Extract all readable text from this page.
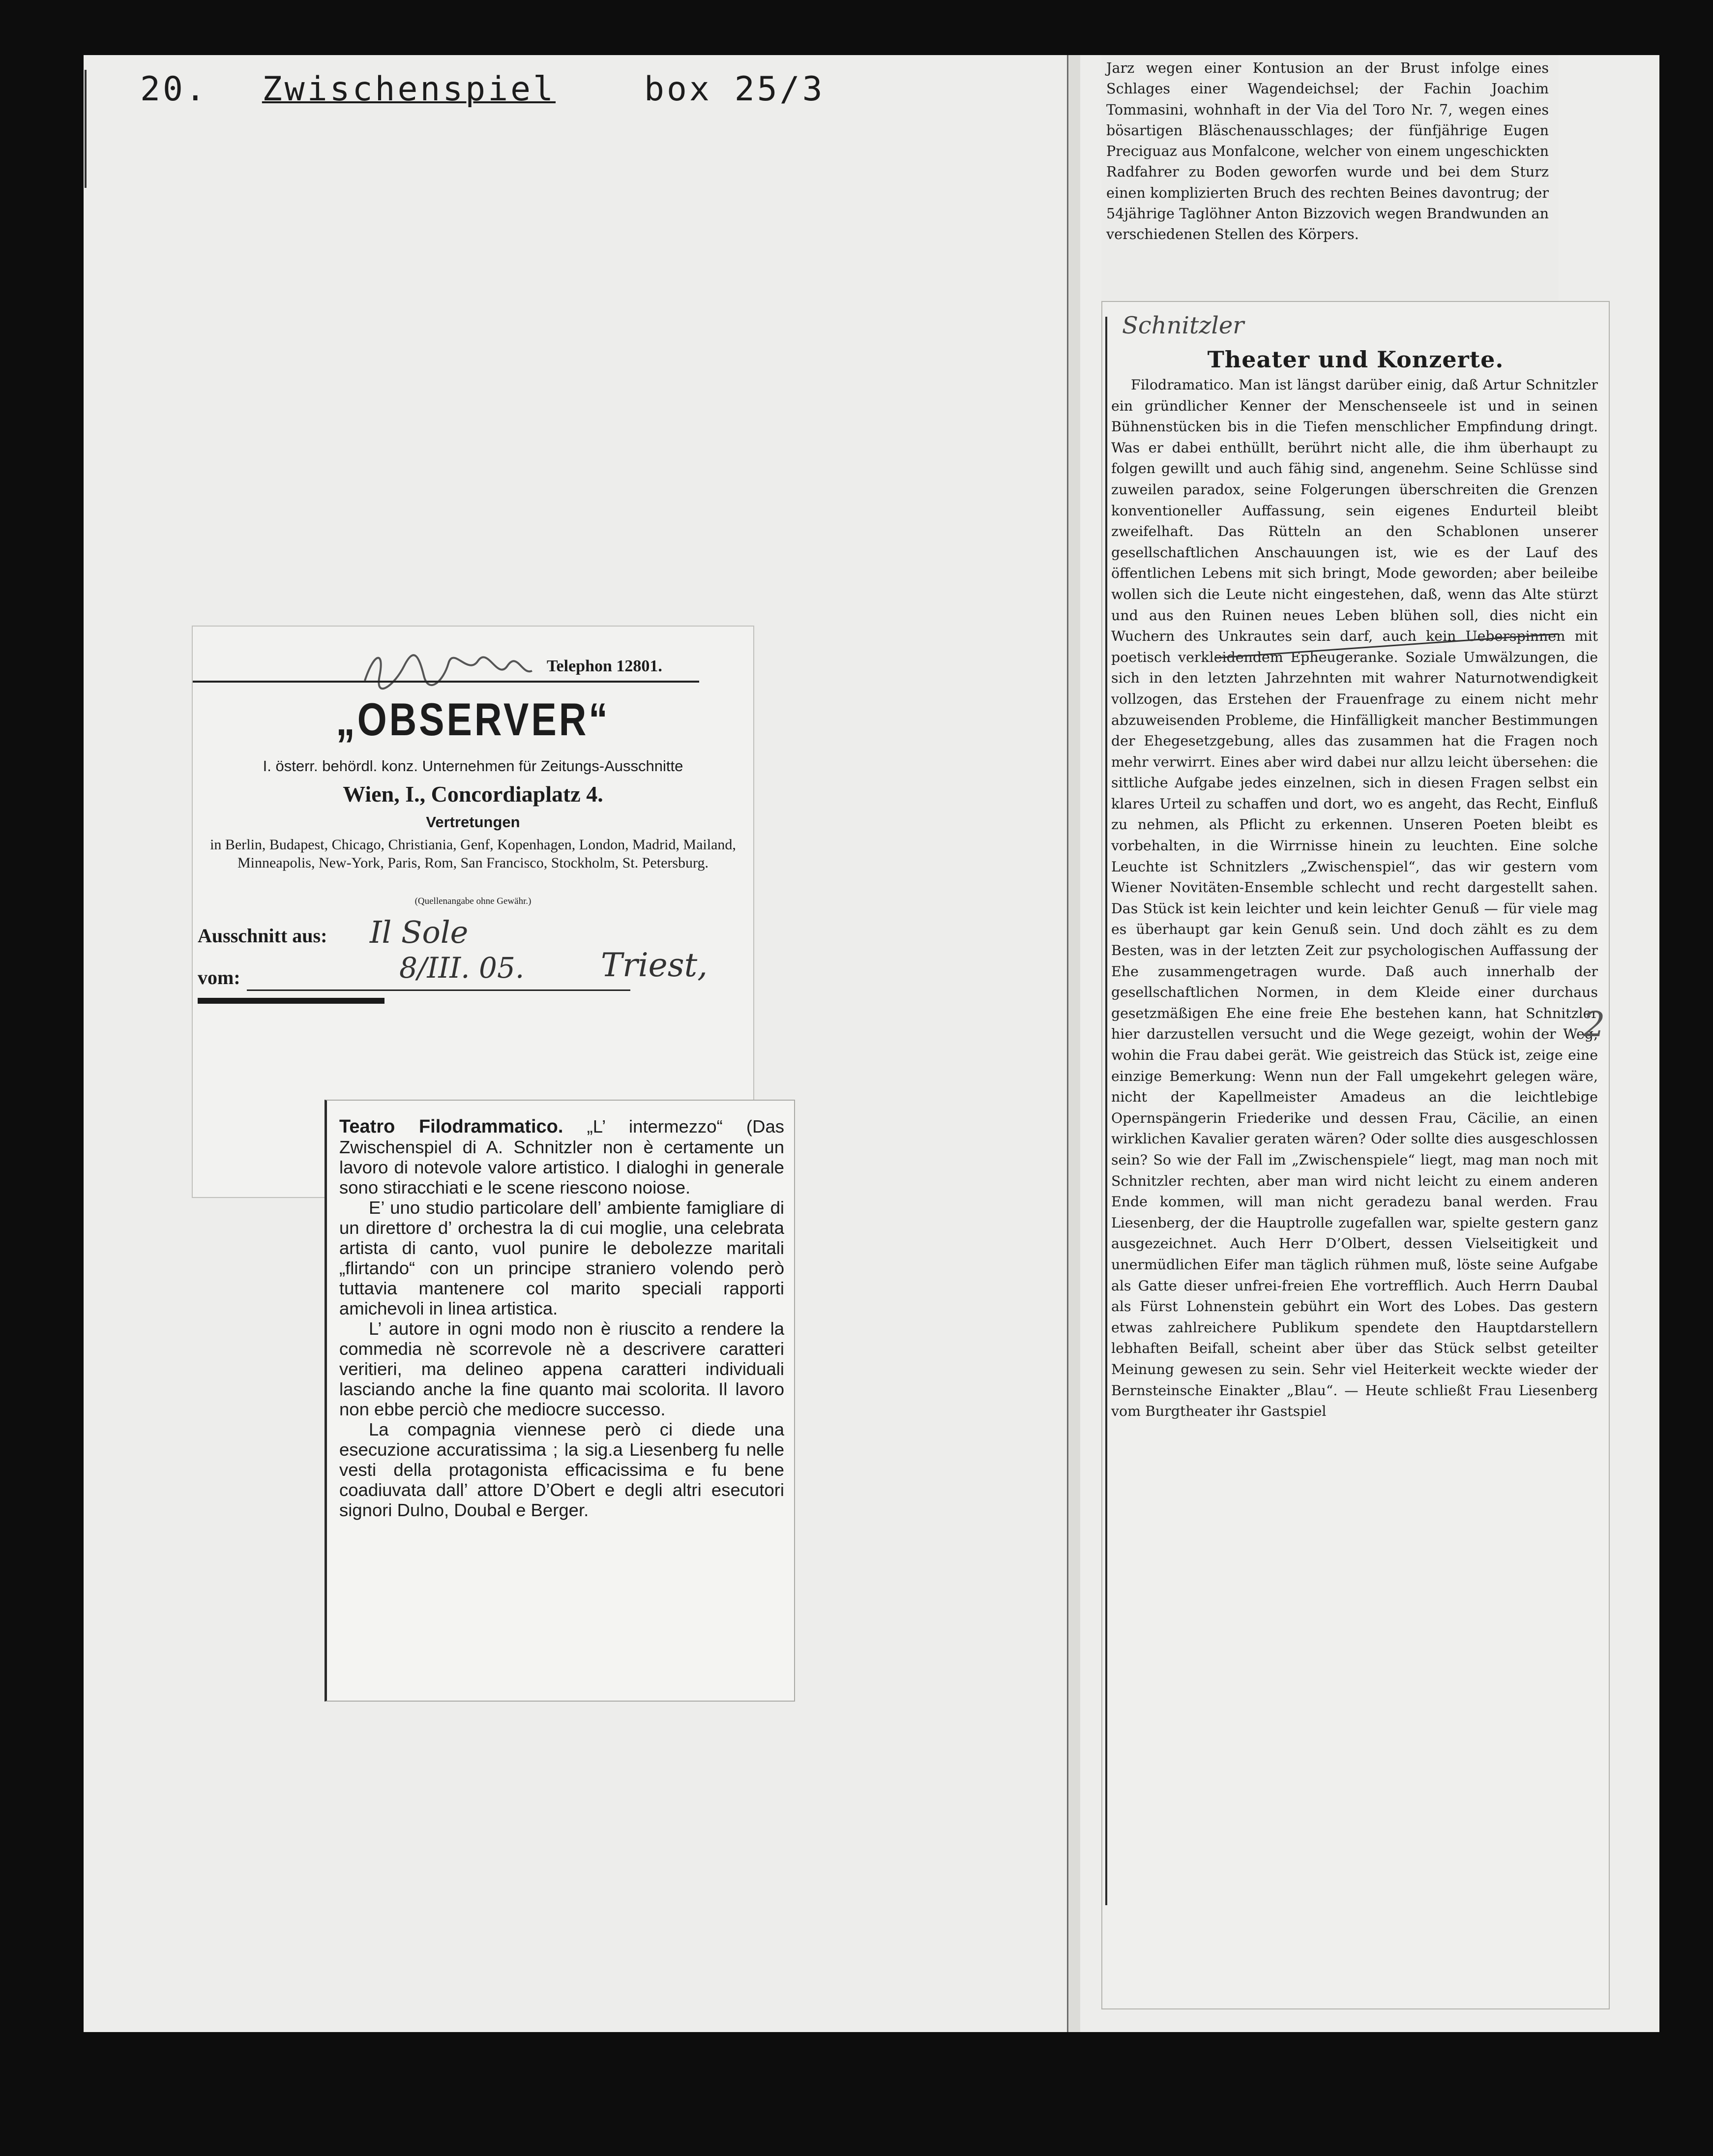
20. Zwischenspiel	box 25/3
Telephon 12801.
„OBSERVER“
I. österr. behördl. konz. Unternehmen für Zeitungs-Ausschnitte
Wien, I., Concordiaplatz 4.
Vertretungen
in Berlin, Budapest, Chicago, Christiania, Genf, Kopenhagen, London, Madrid, Mailand, Minneapolis, New-York, Paris, Rom, San Francisco, Stockholm, St. Petersburg.
(Quellenangabe ohne Gewähr.)
Ausschnitt aus: Il Sole
vom:	8/III. 05. Triest,

Teatro Filodrammatico. „L’ intermezzo“ (Das Zwischenspiel di A. Schnitzler non è certamente un lavoro di notevole valore artistico. I dialoghi in generale sono stiracchiati e le scene riescono noiose.

E’ uno studio particolare dell’ ambiente famigliare di un direttore d’ orchestra la di cui moglie, una celebrata artista di canto, vuol punire le debolezze maritali „flirtando“ con un principe straniero volendo però tuttavia mantenere col marito speciali rapporti amichevoli in linea artistica.

L’ autore in ogni modo non è riuscito a rendere la commedia nè scorrevole nè a descrivere caratteri veritieri, ma delineo appena caratteri individuali lasciando anche la fine quanto mai scolorita. Il lavoro non ebbe perciò che mediocre successo.

La compagnia viennese però ci diede una esecuzione accuratissima ; la sig.a Liesenberg fu nelle vesti della protagonista efficacissima e fu bene coadiuvata dall’ attore D’Obert e degli altri esecutori signori Dulno, Doubal e Berger.

Jarz wegen einer Kontusion an der Brust infolge eines Schlages einer Wagendeichsel; der Fachin Joachim Tommasini, wohnhaft in der Via del Toro Nr. 7, wegen eines bösartigen Bläschenausschlages; der fünfjährige Eugen Preciguaz aus Monfalcone, welcher von einem ungeschickten Radfahrer zu Boden geworfen wurde und bei dem Sturz einen komplizierten Bruch des rechten Beines davontrug; der 54jährige Taglöhner Anton Bizzovich wegen Brandwunden an verschiedenen Stellen des Körpers.
Schnitzler
Theater und Konzerte.

Filodramatico. Man ist längst darüber einig, daß Artur Schnitzler ein gründlicher Kenner der Menschenseele ist und in seinen Bühnenstücken bis in die Tiefen menschlicher Empfindung dringt. Was er dabei enthüllt, berührt nicht alle, die ihm überhaupt zu folgen gewillt und auch fähig sind, angenehm. Seine Schlüsse sind zuweilen paradox, seine Folgerungen überschreiten die Grenzen konventioneller Auffassung, sein eigenes Endurteil bleibt zweifelhaft. Das Rütteln an den Schablonen unserer gesellschaftlichen Anschauungen ist, wie es der Lauf des öffentlichen Lebens mit sich bringt, Mode geworden; aber beileibe wollen sich die Leute nicht eingestehen, daß, wenn das Alte stürzt und aus den Ruinen neues Leben blühen soll, dies nicht ein Wuchern des Unkrautes sein darf, auch kein Ueberspinnen mit poetisch verkleidendem Epheugeranke. Soziale Umwälzungen, die sich in den letzten Jahrzehnten mit wahrer Naturnotwendigkeit vollzogen, das Erstehen der Frauenfrage zu einem nicht mehr abzuweisenden Probleme, die Hinfälligkeit mancher Bestimmungen der Ehegesetzgebung, alles das zusammen hat die Fragen noch mehr verwirrt. Eines aber wird dabei nur allzu leicht übersehen: die sittliche Aufgabe jedes einzelnen, sich in diesen Fragen selbst ein klares Urteil zu schaffen und dort, wo es angeht, das Recht, Einfluß zu nehmen, als Pflicht zu erkennen. Unseren Poeten bleibt es vorbehalten, in die Wirrnisse hinein zu leuchten. Eine solche Leuchte ist Schnitzlers „Zwischenspiel“, das wir gestern vom Wiener Novitäten-Ensemble schlecht und recht dargestellt sahen. Das Stück ist kein leichter und kein leichter Genuß — für viele mag es überhaupt gar kein Genuß sein. Und doch zählt es zu dem Besten, was in der letzten Zeit zur psychologischen Auffassung der Ehe zusammengetragen wurde. Daß auch innerhalb der gesellschaftlichen Normen, in dem Kleide einer durchaus gesetzmäßigen Ehe eine freie Ehe bestehen kann, hat Schnitzler hier darzustellen versucht und die Wege gezeigt, wohin der Weg, wohin die Frau dabei gerät. Wie geistreich das Stück ist, zeige eine einzige Bemerkung: Wenn nun der Fall umgekehrt gelegen wäre, nicht der Kapellmeister Amadeus an die leichtlebige Opernspängerin Friederike und dessen Frau, Cäcilie, an einen wirklichen Kavalier geraten wären? Oder sollte dies ausgeschlossen sein? So wie der Fall im „Zwischenspiele“ liegt, mag man noch mit Schnitzler rechten, aber man wird nicht leicht zu einem anderen Ende kommen, will man nicht geradezu banal werden. Frau Liesenberg, der die Hauptrolle zugefallen war, spielte gestern ganz ausgezeichnet. Auch Herr D’Olbert, dessen Vielseitigkeit und unermüdlichen Eifer man täglich rühmen muß, löste seine Aufgabe als Gatte dieser unfrei-freien Ehe vortrefflich. Auch Herrn Daubal als Fürst Lohnenstein gebührt ein Wort des Lobes. Das gestern etwas zahlreichere Publikum spendete den Hauptdarstellern lebhaften Beifall, scheint aber über das Stück selbst geteilter Meinung gewesen zu sein. Sehr viel Heiterkeit weckte wieder der Bernsteinsche Einakter „Blau“. — Heute schließt Frau Liesenberg vom Burgtheater ihr Gastspiel

2
